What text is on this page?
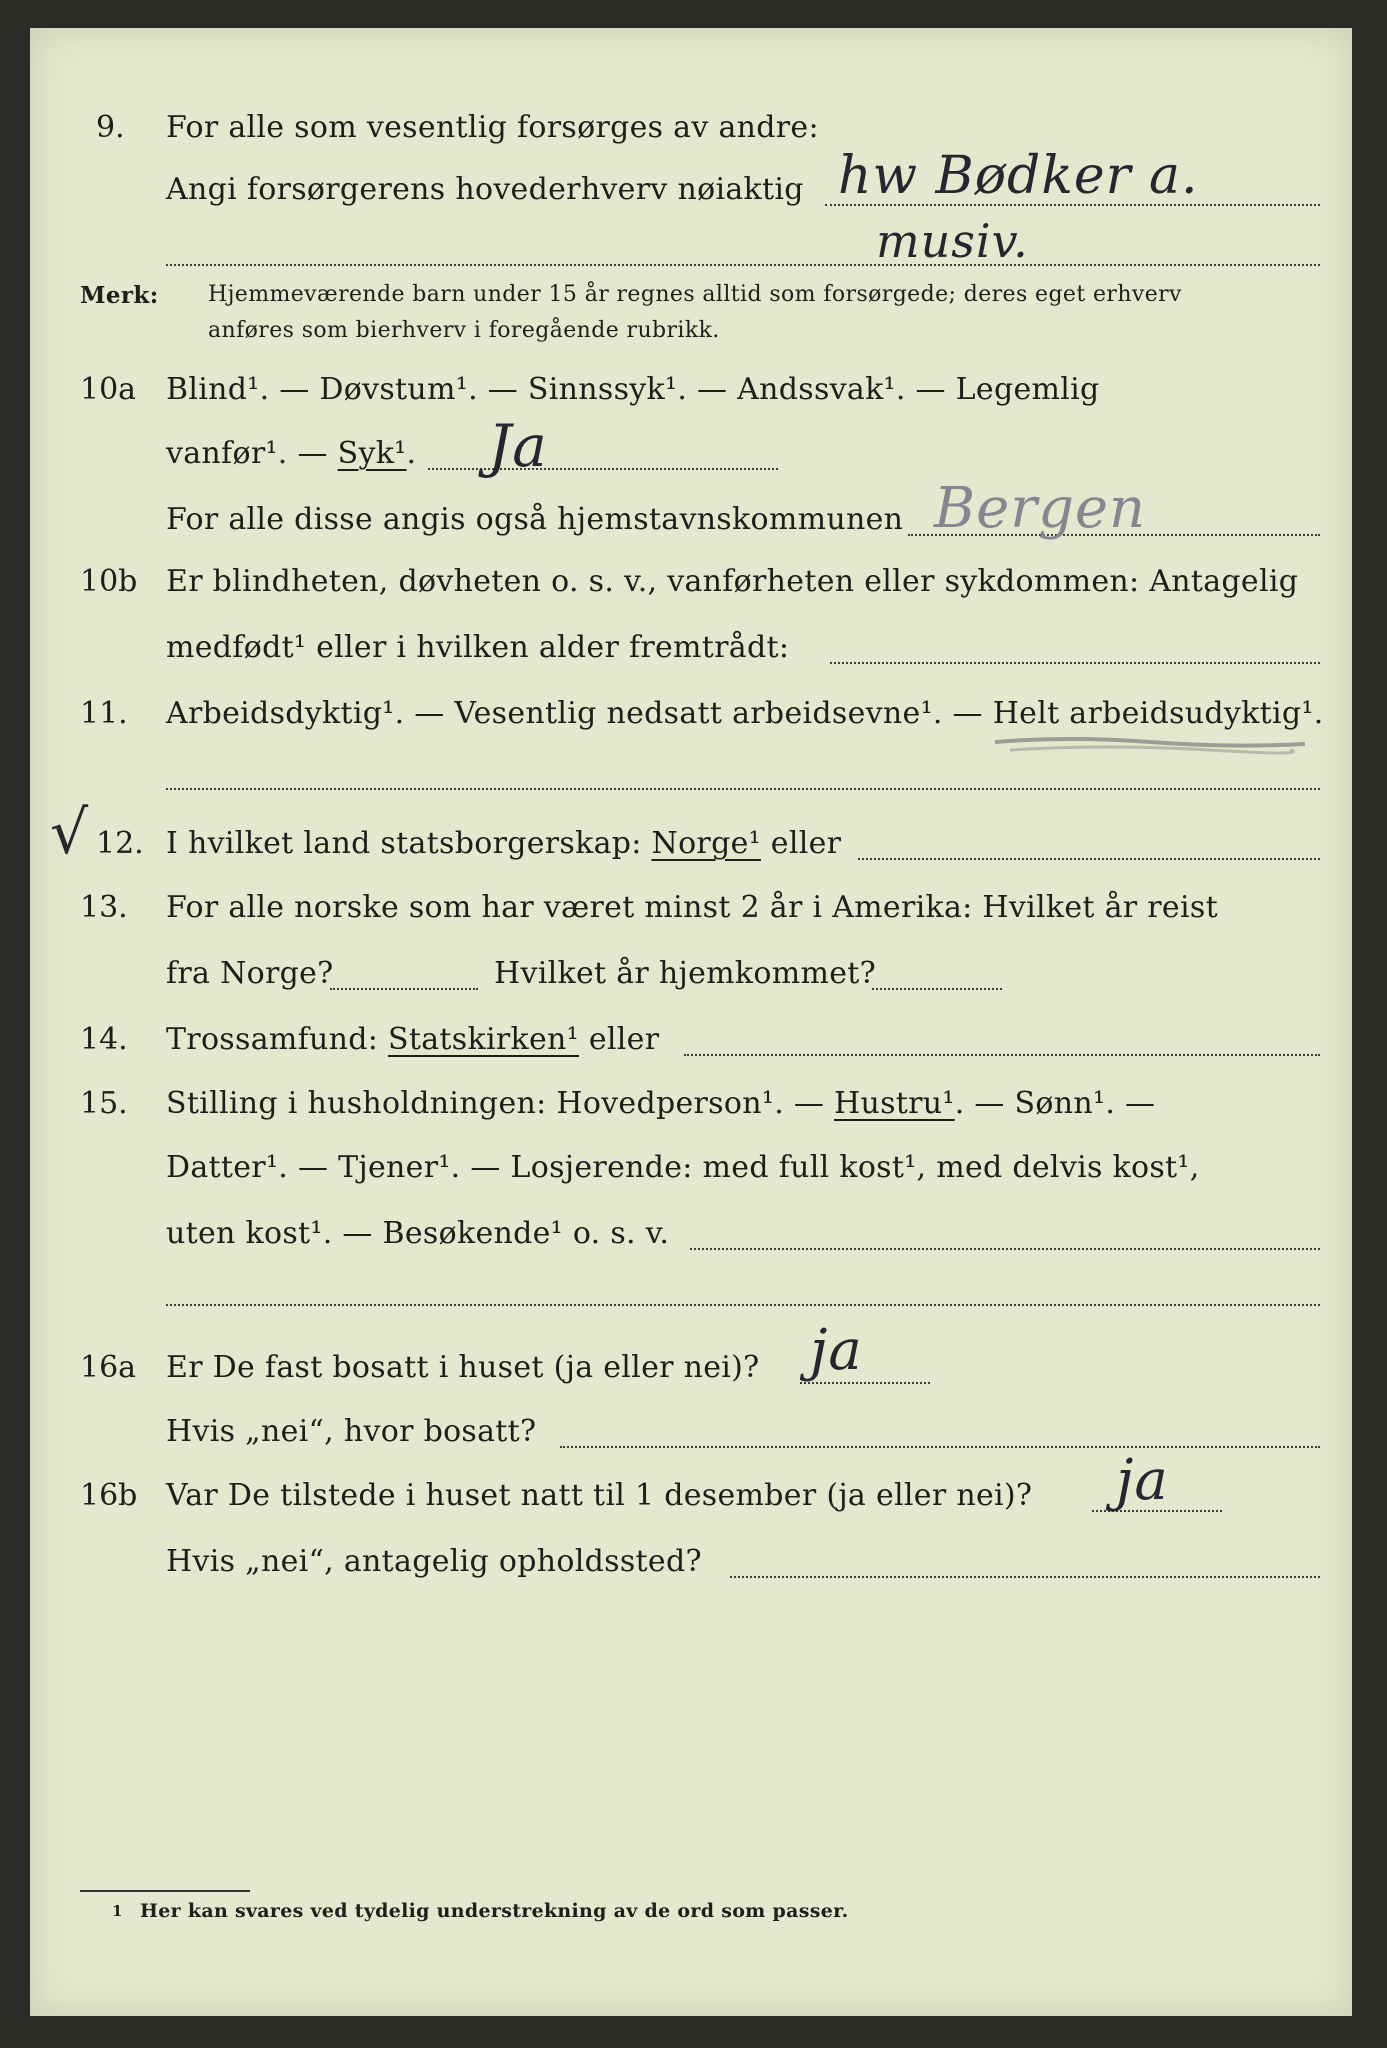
9. For alle som vesentlig forsørges av andre:
Angi forsørgerens hovederhverv nøiaktig hw Bødker a.
musiv.
Merk: Hjemmeværende barn under 15 år regnes alltid som forsørgede; deres eget erhverv
anføres som bierhverv i foregående rubrikk.
10a Blind¹. — Døvstum¹. — Sinnssyk¹. — Andssvak¹. — Legemlig
vanfør¹. — Syk¹. Ja
For alle disse angis også hjemstavnskommunen Bergen
10b Er blindheten, døvheten o. s. v., vanførheten eller sykdommen: Antagelig
medfødt¹ eller i hvilken alder fremtrådt:
11. Arbeidsdyktig¹. — Vesentlig nedsatt arbeidsevne¹. — Helt arbeidsudyktig¹.
√ 12. I hvilket land statsborgerskap: Norge¹ eller
13. For alle norske som har været minst 2 år i Amerika: Hvilket år reist
fra Norge?	Hvilket år hjemkommet?
14. Trossamfund: Statskirken¹ eller
15. Stilling i husholdningen: Hovedperson¹. — Hustru¹. — Sønn¹. —
Datter¹. — Tjener¹. — Losjerende: med full kost¹, med delvis kost¹,
uten kost¹. — Besøkende¹ o. s. v.
16a Er De fast bosatt i huset (ja eller nei)? ja
Hvis „nei“, hvor bosatt?
16b Var De tilstede i huset natt til 1 desember (ja eller nei)? ja
Hvis „nei“, antagelig opholdssted?
1 Her kan svares ved tydelig understrekning av de ord som passer.
